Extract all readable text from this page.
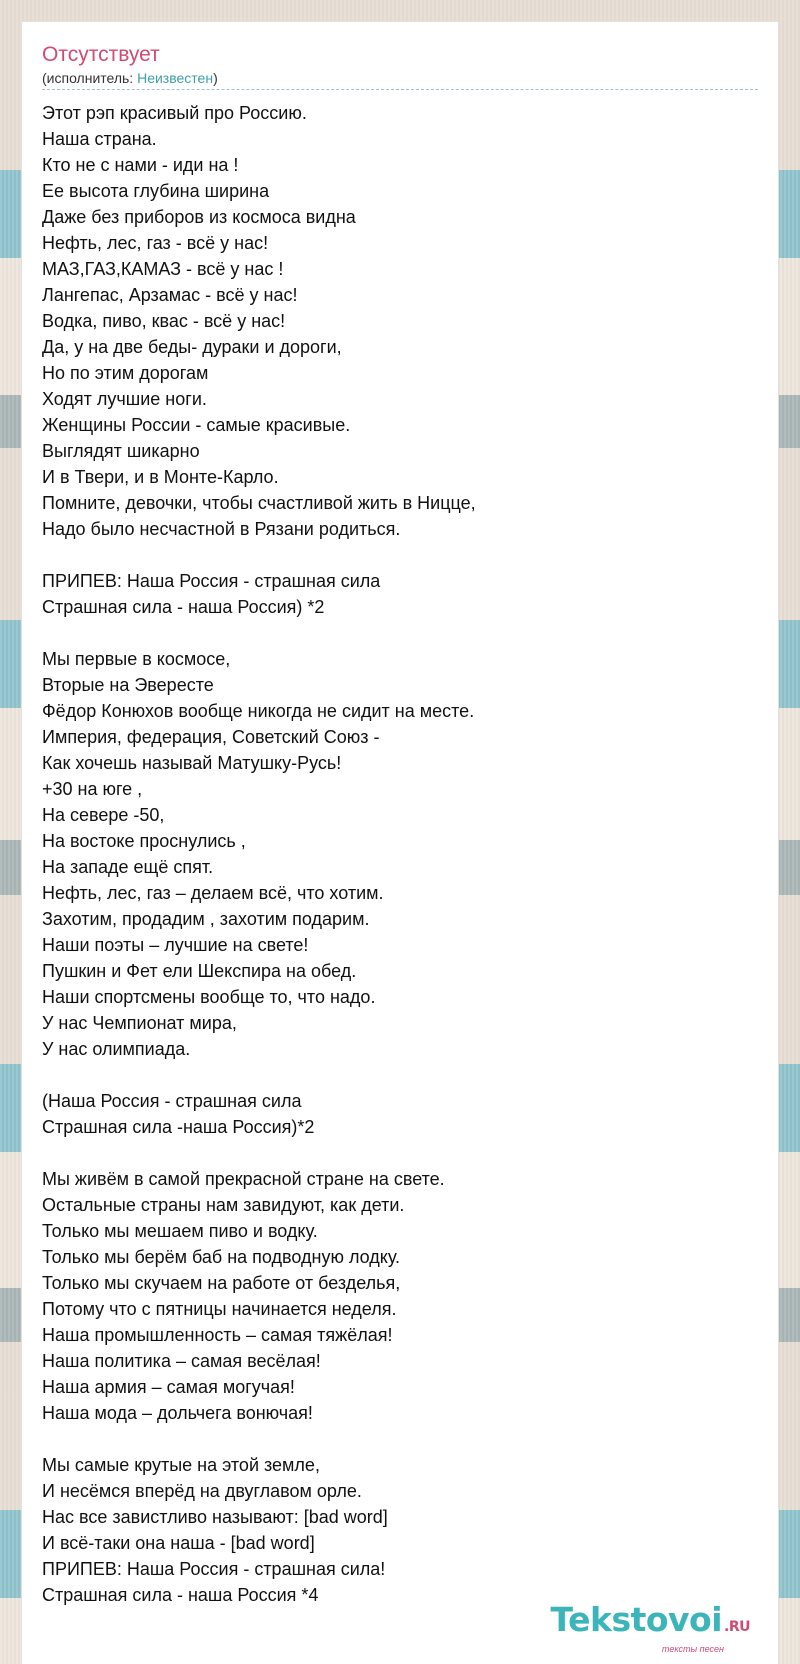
Отсутствует
(исполнитель: Неизвестен)
Этот рэп красивый про Россию.
Наша страна.
Кто не с нами - иди на !
Ее высота глубина ширина
Даже без приборов из космоса видна
Нефть, лес, газ - всё у нас!
МАЗ,ГАЗ,КАМАЗ - всё у нас !
Лангепас, Арзамас - всё у нас!
Водка, пиво, квас - всё у нас!
Да, у на две беды- дураки и дороги,
Но по этим дорогам
Ходят лучшие ноги.
Женщины России - самые красивые.
Выглядят шикарно
И в Твери, и в Монте-Карло.
Помните, девочки, чтобы счастливой жить в Ницце,
Надо было несчастной в Рязани родиться.
ПРИПЕВ: Наша Россия - страшная сила
Страшная сила - наша Россия) *2
Мы первые в космосе,
Вторые на Эвересте
Фёдор Конюхов вообще никогда не сидит на месте.
Империя, федерация, Советский Союз -
Как хочешь называй Матушку-Русь!
+30 на юге ,
На севере -50,
На востоке проснулись ,
На западе ещё спят.
Нефть, лес, газ – делаем всё, что хотим.
Захотим, продадим , захотим подарим.
Наши поэты – лучшие на свете!
Пушкин и Фет ели Шекспира на обед.
Наши спортсмены вообще то, что надо.
У нас Чемпионат мира,
У нас олимпиада.
(Наша Россия - страшная сила
Страшная сила -наша Россия)*2
Мы живём в самой прекрасной стране на свете.
Остальные страны нам завидуют, как дети.
Только мы мешаем пиво и водку.
Только мы берём баб на подводную лодку.
Только мы скучаем на работе от безделья,
Потому что с пятницы начинается неделя.
Наша промышленность – самая тяжёлая!
Наша политика – самая весёлая!
Наша армия – самая могучая!
Наша мода – дольчега вонючая!
Мы самые крутые на этой земле,
И несёмся вперёд на двуглавом орле.
Нас все завистливо называют: [bad word]
И всё-таки она наша - [bad word]
ПРИПЕВ: Наша Россия - страшная сила!
Страшная сила - наша Россия *4
Tekstovoi .RU
тексты песен
